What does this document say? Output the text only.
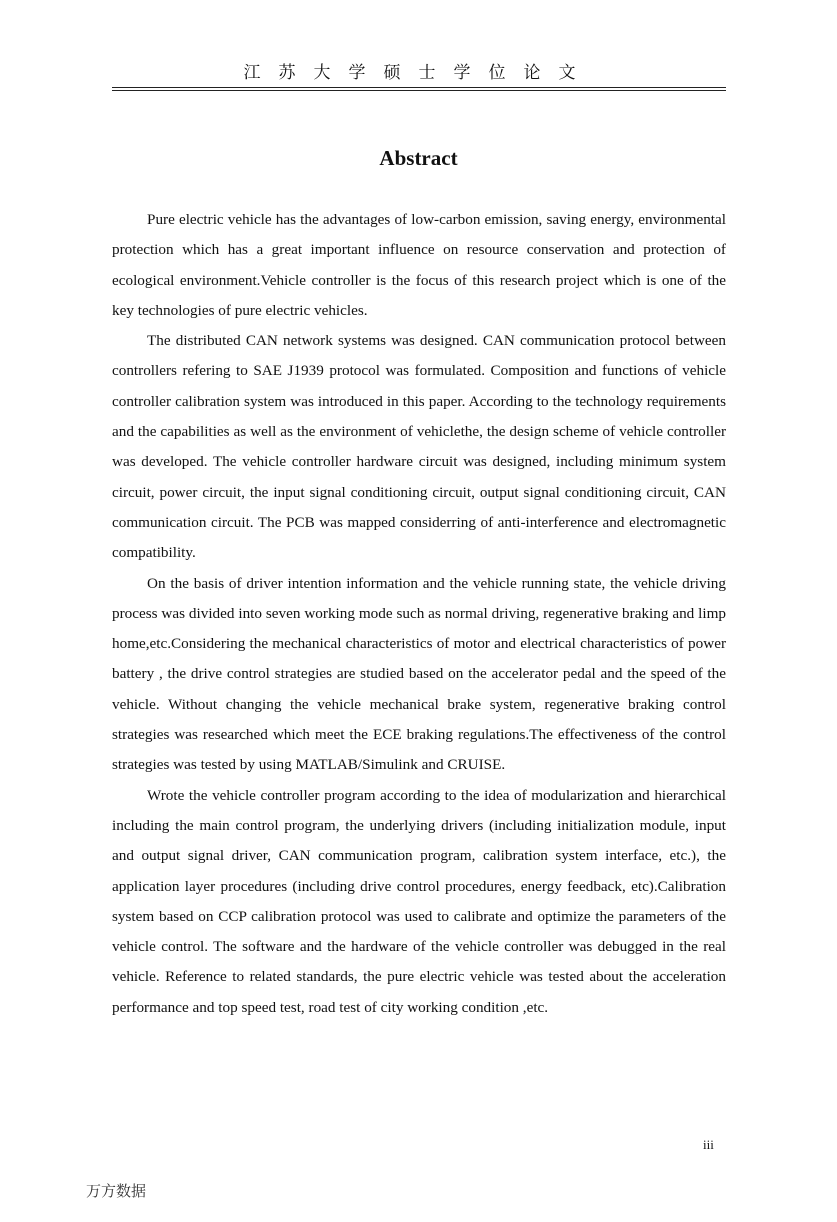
江苏大学硕士学位论文
Abstract

Pure electric vehicle has the advantages of low-carbon emission, saving energy, environmental protection which has a great important influence on resource conservation and protection of ecological environment.Vehicle controller is the focus of this research project which is one of the key technologies of pure electric vehicles.

The distributed CAN network systems was designed. CAN communication protocol between controllers refering to SAE J1939 protocol was formulated. Composition and functions of vehicle controller calibration system was introduced in this paper. According to the technology requirements and the capabilities as well as the environment of vehiclethe, the design scheme of vehicle controller was developed. The vehicle controller hardware circuit was designed, including minimum system circuit, power circuit, the input signal conditioning circuit, output signal conditioning circuit, CAN communication circuit. The PCB was mapped considerring of anti-interference and electromagnetic compatibility.

On the basis of driver intention information and the vehicle running state, the vehicle driving process was divided into seven working mode such as normal driving, regenerative braking and limp home,etc.Considering the mechanical characteristics of motor and electrical characteristics of power battery , the drive control strategies are studied based on the accelerator pedal and the speed of the vehicle. Without changing the vehicle mechanical brake system, regenerative braking control strategies was researched which meet the ECE braking regulations.The effectiveness of the control strategies was tested by using MATLAB/Simulink and CRUISE.

Wrote the vehicle controller program according to the idea of modularization and hierarchical including the main control program, the underlying drivers (including initialization module, input and output signal driver, CAN communication program, calibration system interface, etc.), the application layer procedures (including drive control procedures, energy feedback, etc).Calibration system based on CCP calibration protocol was used to calibrate and optimize the parameters of the vehicle control. The software and the hardware of the vehicle controller was debugged in the real vehicle. Reference to related standards, the pure electric vehicle was tested about the acceleration performance and top speed test, road test of city working condition ,etc.

iii
万方数据
